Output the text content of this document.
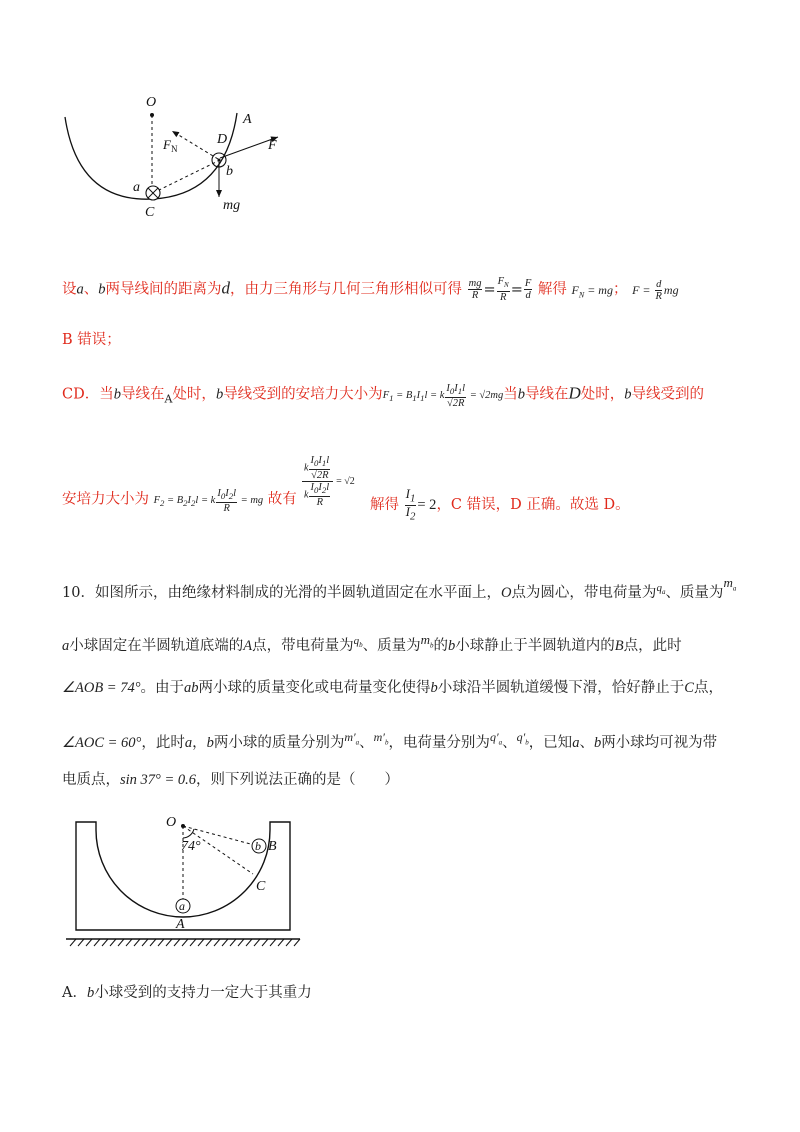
O
A
D
b
a
C
F
$F_N$
mg
设a、b两导线间的距离为d，由力三角形与几何三角形相似可得 $\frac{mg}{R} = \frac{F_N}{R} = \frac{F}{d}$ 解得 $F_N$ = mg； $F = \frac{d}{R}$ mg
B 错误；
CD．当b导线在$_A$处时，b导线受到的安培力大小为$F_1 = B_1I_1l = k \frac{I_0I_1l}{√2R} = √2mg$当b导线在D处时，b导线受到的
安培力大小为 $F_2 = B_2I_2l = k \frac{I_0I_2l}{R}$ = mg 故有 $\frac{k \frac{I_0I_1l}{√2R}}{k \frac{I_0I_2l}{R}} = √2$
解得 $\frac{I_1}{I_2} = 2$，C 错误，D 正确。故选 D。
10．如图所示，由绝缘材料制成的光滑的半圆轨道固定在水平面上，O点为圆心，带电荷量为$^{q_a}$、质量为$m_a$
a小球固定在半圆轨道底端的A点，带电荷量为$^{q_b}$、质量为$m_b$的b小球静止于半圆轨道内的B点，此时
∠AOB = 74°。由于ab两小球的质量变化或电荷量变化使得b小球沿半圆轨道缓慢下滑，恰好静止于C点，
∠AOC = 60°，此时a，b两小球的质量分别为$^{m'_a}$、$^{m'_b}$，电荷量分别为$^{q'_a}$、$^{q'_b}$，已知a、b两小球均可视为带
电质点，sin 37° = 0.6，则下列说法正确的是（　　）
O
74°	b B
C
a
A
A．b小球受到的支持力一定大于其重力
